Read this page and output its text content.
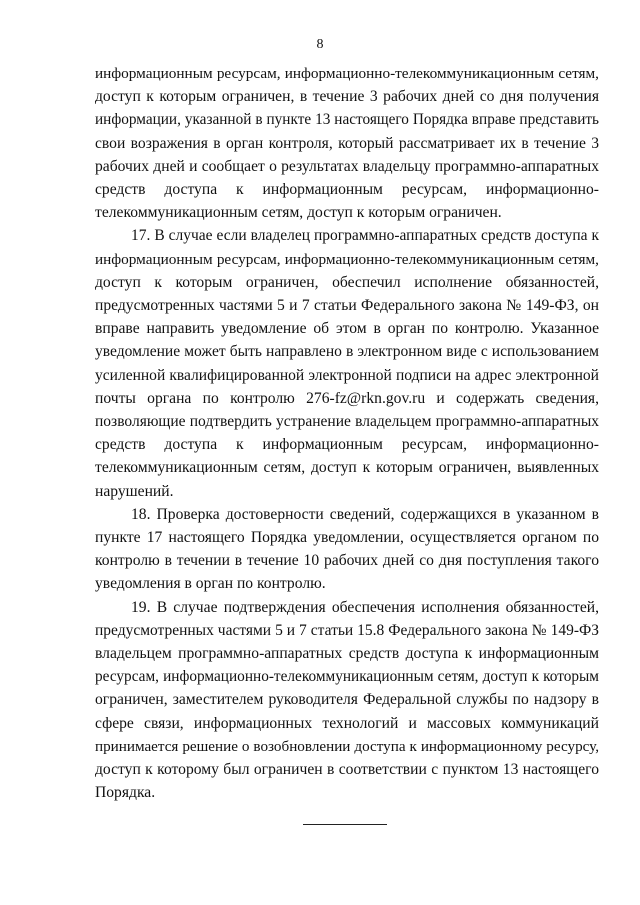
8
информационным ресурсам, информационно-телекоммуникационным сетям,
доступ к которым ограничен, в течение 3 рабочих дней со дня получения
информации, указанной в пункте 13 настоящего Порядка вправе представить
свои возражения в орган контроля, который рассматривает их в течение 3
рабочих дней и сообщает о результатах владельцу программно-аппаратных
средств доступа к информационным ресурсам, информационно-
телекоммуникационным сетям, доступ к которым ограничен.
17. В случае если владелец программно-аппаратных средств доступа к
информационным ресурсам, информационно-телекоммуникационным сетям,
доступ к которым ограничен, обеспечил исполнение обязанностей,
предусмотренных частями 5 и 7 статьи Федерального закона № 149-ФЗ, он
вправе направить уведомление об этом в орган по контролю. Указанное
уведомление может быть направлено в электронном виде с использованием
усиленной квалифицированной электронной подписи на адрес электронной
почты органа по контролю 276-fz@rkn.gov.ru и содержать сведения,
позволяющие подтвердить устранение владельцем программно-аппаратных
средств доступа к информационным ресурсам, информационно-
телекоммуникационным сетям, доступ к которым ограничен, выявленных
нарушений.
18. Проверка достоверности сведений, содержащихся в указанном в
пункте 17 настоящего Порядка уведомлении, осуществляется органом по
контролю в течении в течение 10 рабочих дней со дня поступления такого
уведомления в орган по контролю.
19. В случае подтверждения обеспечения исполнения обязанностей,
предусмотренных частями 5 и 7 статьи 15.8 Федерального закона № 149-ФЗ
владельцем программно-аппаратных средств доступа к информационным
ресурсам, информационно-телекоммуникационным сетям, доступ к которым
ограничен, заместителем руководителя Федеральной службы по надзору в
сфере связи, информационных технологий и массовых коммуникаций
принимается решение о возобновлении доступа к информационному ресурсу,
доступ к которому был ограничен в соответствии с пунктом 13 настоящего
Порядка.
